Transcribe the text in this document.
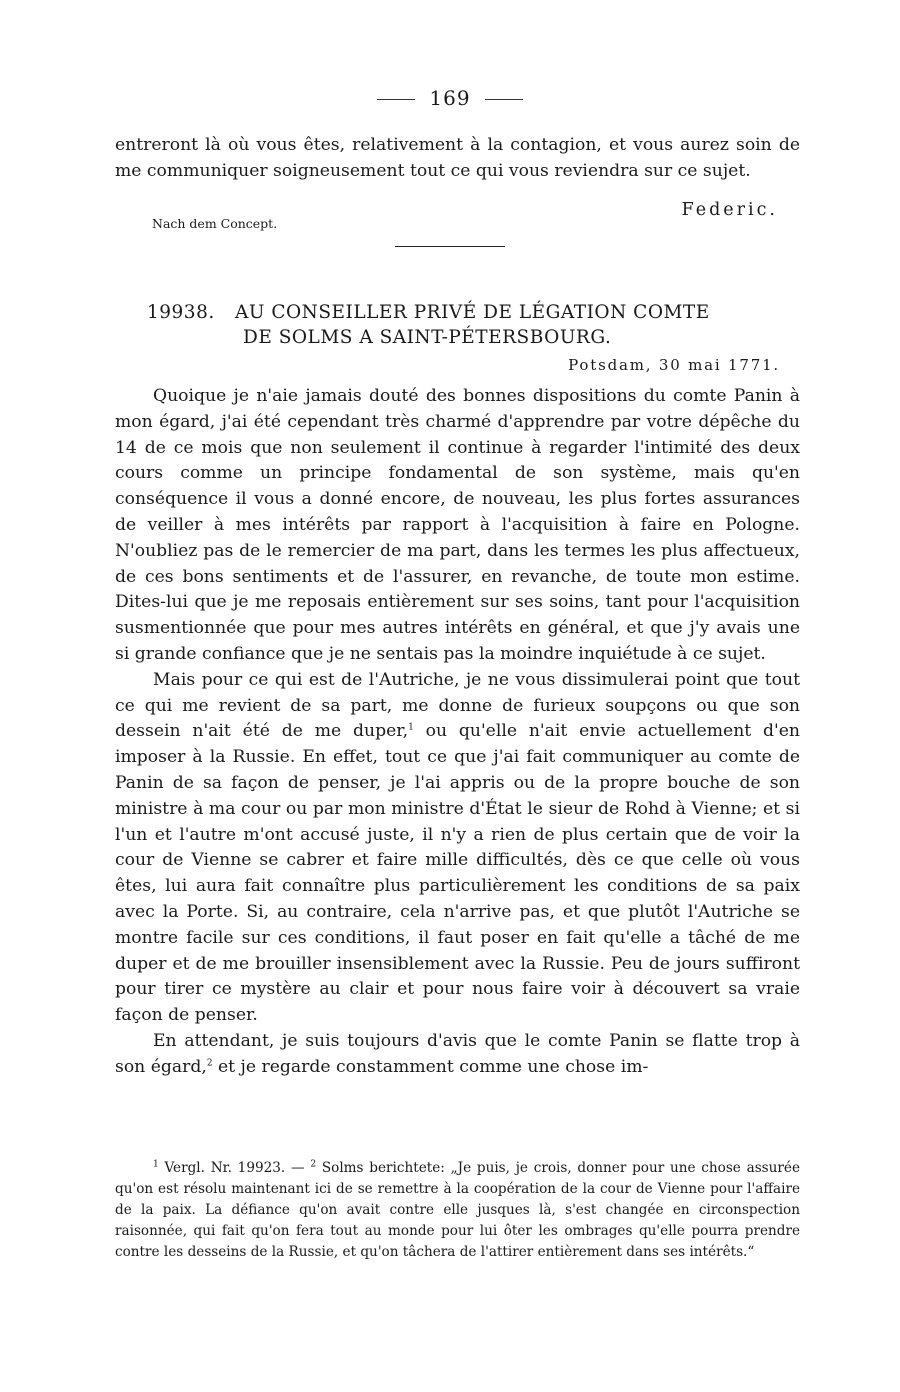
169

entreront là où vous êtes, relativement à la contagion, et vous aurez soin de me communiquer soigneusement tout ce qui vous reviendra sur ce sujet.

Nach dem Concept.
Federic.
19938. AU CONSEILLER PRIVÉ DE LÉGATION COMTE
DE SOLMS A SAINT-PÉTERSBOURG.
Potsdam, 30 mai 1771.

Quoique je n'aie jamais douté des bonnes dispositions du comte Panin à mon égard, j'ai été cependant très charmé d'apprendre par votre dépêche du 14 de ce mois que non seulement il continue à regarder l'intimité des deux cours comme un principe fondamental de son système, mais qu'en conséquence il vous a donné encore, de nouveau, les plus fortes assurances de veiller à mes intérêts par rapport à l'acquisition à faire en Pologne. N'oubliez pas de le remercier de ma part, dans les termes les plus affectueux, de ces bons sentiments et de l'assurer, en revanche, de toute mon estime. Dites-lui que je me reposais entièrement sur ses soins, tant pour l'acquisition susmentionnée que pour mes autres intérêts en général, et que j'y avais une si grande confiance que je ne sentais pas la moindre inquiétude à ce sujet.

Mais pour ce qui est de l'Autriche, je ne vous dissimulerai point que tout ce qui me revient de sa part, me donne de furieux soupçons ou que son dessein n'ait été de me duper,$^1$ ou qu'elle n'ait envie actuellement d'en imposer à la Russie. En effet, tout ce que j'ai fait communiquer au comte de Panin de sa façon de penser, je l'ai appris ou de la propre bouche de son ministre à ma cour ou par mon ministre d'État le sieur de Rohd à Vienne; et si l'un et l'autre m'ont accusé juste, il n'y a rien de plus certain que de voir la cour de Vienne se cabrer et faire mille difficultés, dès ce que celle où vous êtes, lui aura fait connaître plus particulièrement les conditions de sa paix avec la Porte. Si, au contraire, cela n'arrive pas, et que plutôt l'Autriche se montre facile sur ces conditions, il faut poser en fait qu'elle a tâché de me duper et de me brouiller insensiblement avec la Russie. Peu de jours suffiront pour tirer ce mystère au clair et pour nous faire voir à découvert sa vraie façon de penser.

En attendant, je suis toujours d'avis que le comte Panin se flatte trop à son égard,$^2$ et je regarde constamment comme une chose im-

$^1$ Vergl. Nr. 19923. — $^2$ Solms berichtete: „Je puis, je crois, donner pour une chose assurée qu'on est résolu maintenant ici de se remettre à la coopération de la cour de Vienne pour l'affaire de la paix. La défiance qu'on avait contre elle jusques là, s'est changée en circonspection raisonnée, qui fait qu'on fera tout au monde pour lui ôter les ombrages qu'elle pourra prendre contre les desseins de la Russie, et qu'on tâchera de l'attirer entièrement dans ses intérêts.“
